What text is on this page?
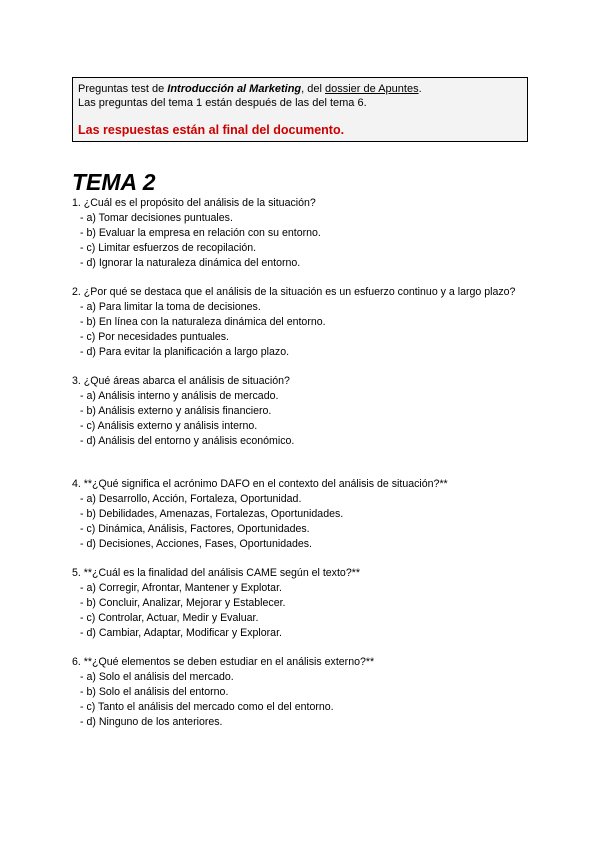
Preguntas test de Introducción al Marketing, del dossier de Apuntes.
Las preguntas del tema 1 están después de las del tema 6.
Las respuestas están al final del documento.
TEMA 2
1. ¿Cuál es el propósito del análisis de la situación?
- a) Tomar decisiones puntuales.
- b) Evaluar la empresa en relación con su entorno.
- c) Limitar esfuerzos de recopilación.
- d) Ignorar la naturaleza dinámica del entorno.
2. ¿Por qué se destaca que el análisis de la situación es un esfuerzo continuo y a largo plazo?
- a) Para limitar la toma de decisiones.
- b) En línea con la naturaleza dinámica del entorno.
- c) Por necesidades puntuales.
- d) Para evitar la planificación a largo plazo.
3. ¿Qué áreas abarca el análisis de situación?
- a) Análisis interno y análisis de mercado.
- b) Análisis externo y análisis financiero.
- c) Análisis externo y análisis interno.
- d) Análisis del entorno y análisis económico.
4. **¿Qué significa el acrónimo DAFO en el contexto del análisis de situación?**
- a) Desarrollo, Acción, Fortaleza, Oportunidad.
- b) Debilidades, Amenazas, Fortalezas, Oportunidades.
- c) Dinámica, Análisis, Factores, Oportunidades.
- d) Decisiones, Acciones, Fases, Oportunidades.
5. **¿Cuál es la finalidad del análisis CAME según el texto?**
- a) Corregir, Afrontar, Mantener y Explotar.
- b) Concluir, Analizar, Mejorar y Establecer.
- c) Controlar, Actuar, Medir y Evaluar.
- d) Cambiar, Adaptar, Modificar y Explorar.
6. **¿Qué elementos se deben estudiar en el análisis externo?**
- a) Solo el análisis del mercado.
- b) Solo el análisis del entorno.
- c) Tanto el análisis del mercado como el del entorno.
- d) Ninguno de los anteriores.
